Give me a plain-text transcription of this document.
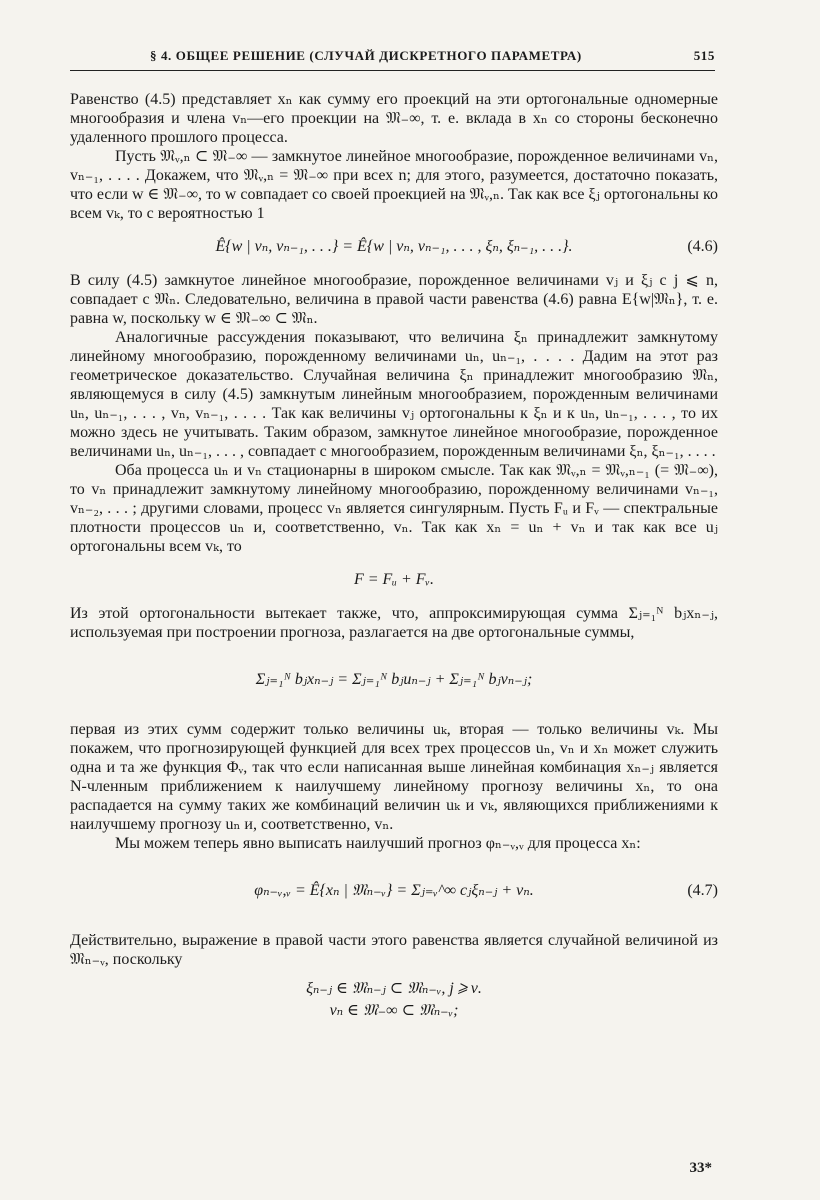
§ 4. ОБЩЕЕ РЕШЕНИЕ (СЛУЧАЙ ДИСКРЕТНОГО ПАРАМЕТРА)	515

Равенство (4.5) представляет xₙ как сумму его проекций на эти ортогональные одномерные многообразия и члена vₙ—его проекции на 𝔐₋∞, т. е. вклада в xₙ со стороны бесконечно удаленного прошлого процесса.

Пусть 𝔐ᵥ,ₙ ⊂ 𝔐₋∞ — замкнутое линейное многообразие, порожденное величинами vₙ, vₙ₋₁, . . . . Докажем, что 𝔐ᵥ,ₙ = 𝔐₋∞ при всех n; для этого, разумеется, достаточно показать, что если w ∈ 𝔐₋∞, то w совпадает со своей проекцией на 𝔐ᵥ,ₙ. Так как все ξⱼ ортогональны ко всем vₖ, то с вероятностью 1

Ê{w | vₙ, vₙ₋₁, . . .} = Ê{w | vₙ, vₙ₋₁, . . . , ξₙ, ξₙ₋₁, . . .}.	(4.6)

В силу (4.5) замкнутое линейное многообразие, порожденное величинами vⱼ и ξⱼ с j ⩽ n, совпадает с 𝔐ₙ. Следовательно, величина в правой части равенства (4.6) равна E{w|𝔐ₙ}, т. е. равна w, поскольку w ∈ 𝔐₋∞ ⊂ 𝔐ₙ.

Аналогичные рассуждения показывают, что величина ξₙ принадлежит замкнутому линейному многообразию, порожденному величинами uₙ, uₙ₋₁, . . . . Дадим на этот раз геометрическое доказательство. Случайная величина ξₙ принадлежит многообразию 𝔐ₙ, являющемуся в силу (4.5) замкнутым линейным многообразием, порожденным величинами uₙ, uₙ₋₁, . . . , vₙ, vₙ₋₁, . . . . Так как величины vⱼ ортогональны к ξₙ и к uₙ, uₙ₋₁, . . . , то их можно здесь не учитывать. Таким образом, замкнутое линейное многообразие, порожденное величинами uₙ, uₙ₋₁, . . . , совпадает с многообразием, порожденным величинами ξₙ, ξₙ₋₁, . . . .

Оба процесса uₙ и vₙ стационарны в широком смысле. Так как 𝔐ᵥ,ₙ = 𝔐ᵥ,ₙ₋₁ (= 𝔐₋∞), то vₙ принадлежит замкнутому линейному многообразию, порожденному величинами vₙ₋₁, vₙ₋₂, . . . ; другими словами, процесс vₙ является сингулярным. Пусть Fᵤ и Fᵥ — спектральные плотности процессов uₙ и, соответственно, vₙ. Так как xₙ = uₙ + vₙ и так как все uⱼ ортогональны всем vₖ, то

F = Fᵤ + Fᵥ.

Из этой ортогональности вытекает также, что, аппроксимирующая сумма Σⱼ₌₁ᴺ bⱼxₙ₋ⱼ, используемая при построении прогноза, разлагается на две ортогональные суммы,

Σⱼ₌₁ᴺ bⱼxₙ₋ⱼ = Σⱼ₌₁ᴺ bⱼuₙ₋ⱼ + Σⱼ₌₁ᴺ bⱼvₙ₋ⱼ;

первая из этих сумм содержит только величины uₖ, вторая — только величины vₖ. Мы покажем, что прогнозирующей функцией для всех трех процессов uₙ, vₙ и xₙ может служить одна и та же функция Φᵥ, так что если написанная выше линейная комбинация xₙ₋ⱼ является N-членным приближением к наилучшему линейному прогнозу величины xₙ, то она распадается на сумму таких же комбинаций величин uₖ и vₖ, являющихся приближениями к наилучшему прогнозу uₙ и, соответственно, vₙ.

Мы можем теперь явно выписать наилучший прогноз φₙ₋ᵥ,ᵥ для процесса xₙ:

φₙ₋ᵥ,ᵥ = Ê{xₙ | 𝔐ₙ₋ᵥ} = Σⱼ₌ᵥ^∞ cⱼξₙ₋ⱼ + vₙ.	(4.7)

Действительно, выражение в правой части этого равенства является случайной величиной из 𝔐ₙ₋ᵥ, поскольку

ξₙ₋ⱼ ∈ 𝔐ₙ₋ⱼ ⊂ 𝔐ₙ₋ᵥ, j ⩾ ν.
vₙ ∈ 𝔐₋∞ ⊂ 𝔐ₙ₋ᵥ;
33*
